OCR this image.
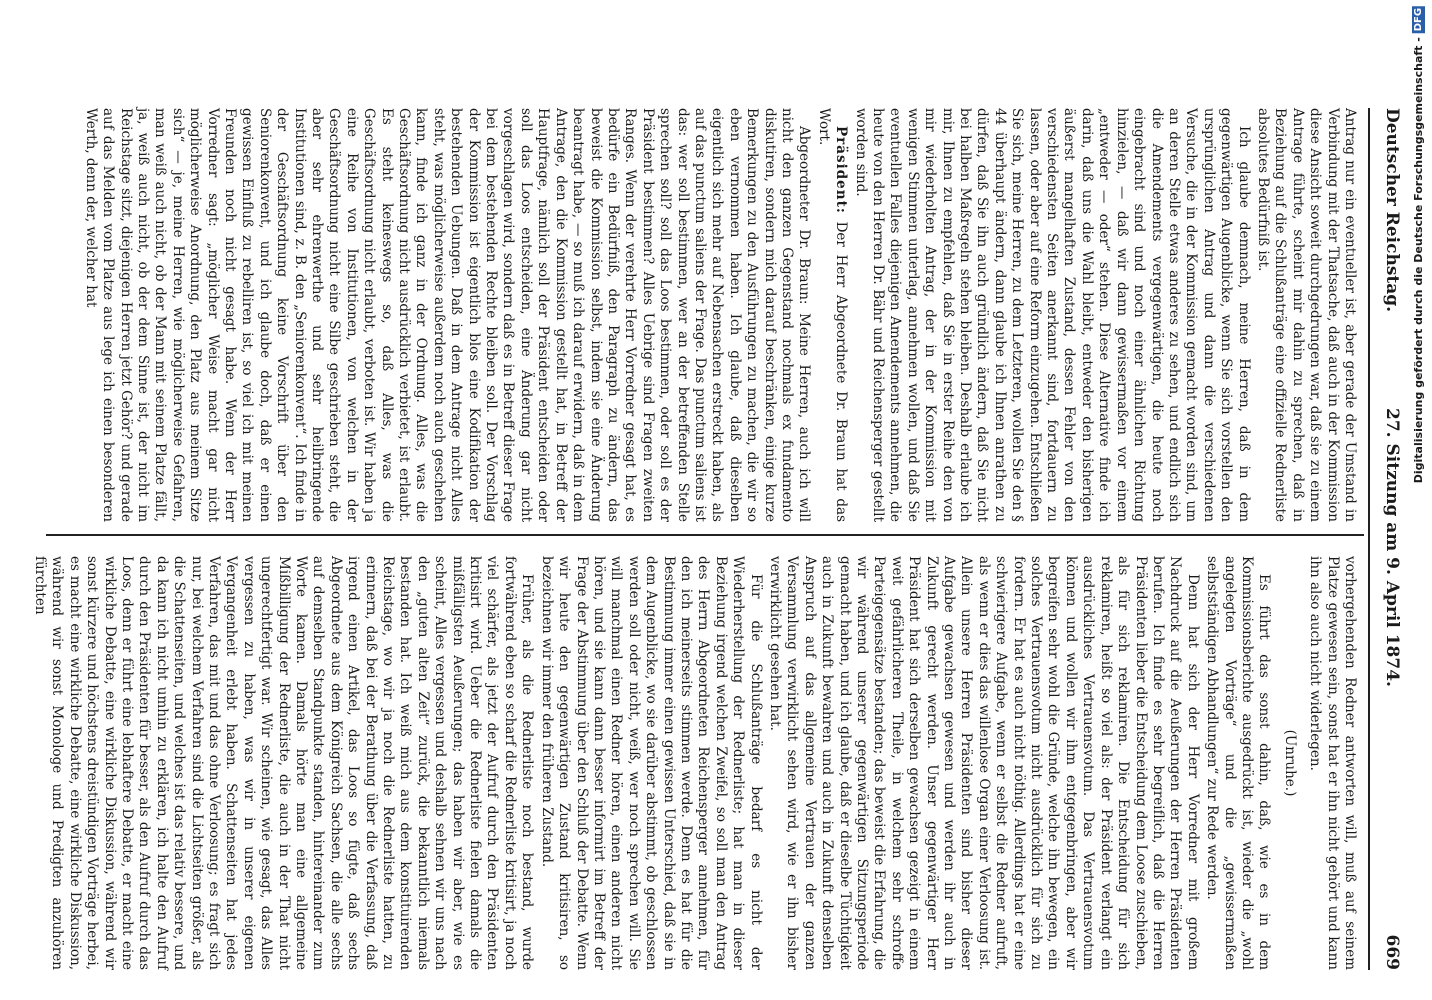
Deutscher Reichstag.
27. Sitzung am 9. April 1874.
669

Antrag nur ein eventueller ist, aber gerade der Umstand in Verbindung mit der Thatsache, daß auch in der Kommission diese Ansicht soweit durchgedrungen war, daß sie zu einem Antrage führte, scheint mir dahin zu sprechen, daß in Beziehung auf die Schlußanträge eine offizielle Rednerliste absolutes Bedürfniß ist.

Ich glaube demnach, meine Herren, daß in dem gegenwärtigen Augenblicke, wenn Sie sich vorstellen den ursprünglichen Antrag und dann die verschiedenen Versuche, die in der Kommission gemacht worden sind, um an deren Stelle etwas anderes zu sehen, und endlich sich die Amendements vergegenwärtigen, die heute noch eingebracht sind und noch einer ähnlichen Richtung hinzielen, — daß wir dann gewissermaßen vor einem „entweder — oder“ stehen. Diese Alternative finde ich darin, daß uns die Wahl bleibt, entweder den bisherigen äußerst mangelhaften Zustand, dessen Fehler von den verschiedensten Seiten anerkannt sind, fortdauern zu lassen, oder aber auf eine Reform einzugehen. Entschließen Sie sich, meine Herren, zu dem Letzteren, wollen Sie den § 44 überhaupt ändern, dann glaube ich Ihnen anrathen zu dürfen, daß Sie ihn auch gründlich ändern, daß Sie nicht bei halben Maßregeln stehen bleiben. Deshalb erlaube ich mir, Ihnen zu empfehlen, daß Sie in erster Reihe den von mir wiederholten Antrag, der in der Kommission mit wenigen Stimmen unterlag, annehmen wollen, und daß Sie eventuellen Falles diejenigen Amendements annehmen, die heute von den Herren Dr. Bähr und Reichensperger gestellt worden sind.

Präsident: Der Herr Abgeordnete Dr. Braun hat das Wort.

Abgeordneter Dr. Braun: Meine Herren, auch ich will nicht den ganzen Gegenstand nochmals ex fundamento diskutiren, sondern mich darauf beschränken, einige kurze Bemerkungen zu den Ausführungen zu machen, die wir so eben vernommen haben. Ich glaube, daß dieselben eigentlich sich mehr auf Nebensachen erstreckt haben, als auf das punctum saliens der Frage. Das punctum saliens ist das: wer soll bestimmen, wer an der betreffenden Stelle sprechen soll? soll das Loos bestimmen, oder soll es der Präsident bestimmen? Alles Uebrige sind Fragen zweiten Ranges. Wenn der verehrte Herr Vorredner gesagt hat, es bedürfe ein Bedürfniß, den Paragraph zu ändern, das beweist die Kommission selbst, indem sie eine Änderung beantragt habe, — so muß ich darauf erwidern, daß in dem Antrage, den die Kommission gestellt hat, in Betreff der Hauptfrage, nämlich soll der Präsident entscheiden oder soll das Loos entscheiden, eine Änderung gar nicht vorgeschlagen wird, sondern daß es in Betreff dieser Frage bei dem bestehenden Rechte bleiben soll. Der Vorschlag der Kommission ist eigentlich blos eine Kodifikation der bestehenden Uebungen. Daß in dem Antrage nicht Alles steht, was möglicherweise außerdem noch auch geschehen kann, finde ich ganz in der Ordnung. Alles, was die Geschäftsordnung nicht ausdrücklich verbietet, ist erlaubt. Es steht keineswegs so, daß Alles, was die Geschäftsordnung nicht erlaubt, verboten ist. Wir haben ja eine Reihe von Institutionen, von welchen in der Geschäftsordnung nicht eine Silbe geschrieben steht, die aber sehr ehrenwerthe und sehr heilbringende Institutionen sind, z. B. den „Seniorenkonvent“. Ich finde in der Geschäftsordnung keine Vorschrift über den Seniorenkonvent, und ich glaube doch, daß er einen gewissen Einfluß zu rebelliren ist, so viel ich mit meinen Freunden noch nicht gesagt habe. Wenn der Herr Vorredner sagt: „möglicher Weise macht gar nicht möglicherweise Anordnung, den Platz aus meinem Sitze sich“ — je, meine Herren, wie möglicherweise Gefahren, man weiß auch nicht, ob der Mann mit seinem Platze fällt, ja, weiß auch nicht, ob der dem Sinne ist, der nicht im Reichstage sitzt, diejenigen Herren jetzt Gehör? und gerade auf das Melden vom Platze aus lege ich einen besonderen Werth, denn der, welcher hat

vorhergehenden Redner antworten will, muß auf seinem Platze gewesen sein, sonst hat er ihn nicht gehört und kann ihn also auch nicht widerlegen.

(Unruhe.)

Es führt das sonst dahin, daß, wie es in dem Kommissionsberichte ausgedrückt ist, wieder die „wohl angelegten Vorträge“ und die „gewissermaßen selbstständigen Abhandlungen“ zur Rede werden.

Denn hat sich der Herr Vorredner mit großem Nachdruck auf die Aeußerungen der Herren Präsidenten berufen. Ich finde es sehr begreiflich, daß die Herren Präsidenten lieber die Entscheidung dem Loose zuschieben, als für sich reklamiren. Die Entscheidung für sich reklamiren, heißt so viel als: der Präsident verlangt ein ausdrückliches Vertrauensvotum. Das Vertrauensvotum können und wollen wir ihm entgegenbringen, aber wir begreifen sehr wohl die Gründe, welche ihn bewegen, ein solches Vertrauensvotum nicht ausdrücklich für sich zu fordern. Er hat es auch nicht nöthig. Allerdings hat er eine schwierigere Aufgabe, wenn er selbst die Redner aufruft, als wenn er dies das willenlose Organ einer Verloosung ist. Allein unsere Herren Präsidenten sind bisher dieser Aufgabe gewachsen gewesen und werden ihr auch in Zukunft gerecht werden. Unser gegenwärtiger Herr Präsident hat sich derselben gewachsen gezeigt in einem weit gefährlicheren Theile, in welchem sehr schroffe Parteigegensätze bestanden; das beweist die Erfahrung, die wir während unserer gegenwärtigen Sitzungsperiode gemacht haben, und ich glaube, daß er dieselbe Tüchtigkeit auch in Zukunft bewahren und auch in Zukunft denselben Anspruch auf das allgemeine Vertrauen der ganzen Versammlung verwirklicht sehen wird, wie er ihn bisher verwirklicht gesehen hat.

Für die Schlußanträge bedarf es nicht der Wiederherstellung der Rednerliste; hat man in dieser Beziehung irgend welchen Zweifel, so soll man den Antrag des Herrn Abgeordneten Reichensperger annehmen, für den ich meinerseits stimmen werde. Denn es hat für die Bestimmung immer einen gewissen Unterschied, daß sie in dem Augenblicke, wo sie darüber abstimmt, ob geschlossen werden soll oder nicht, weiß, wer noch sprechen will. Sie will manchmal einen Redner hören, einen anderen nicht hören, und sie kann dann besser informirt im Betreff der Frage der Abstimmung über den Schluß der Debatte. Wenn wir heute den gegenwärtigen Zustand kritisiren, so bezeichnen wir immer den früheren Zustand.

Früher, als die Rednerliste noch bestand, wurde fortwährend eben so scharf die Rednerliste kritisirt, ja noch viel schärfer, als jetzt der Aufruf durch den Präsidenten kritisirt wird. Ueber die Rednerliste fielen damals die mißfälligsten Aeußerungen; das haben wir aber, wie es scheint, Alles vergessen und deshalb sehnen wir uns nach den „guten alten Zeit“ zurück, die bekanntlich niemals bestanden hat. Ich weiß mich aus dem konstituirenden Reichstage, wo wir ja noch die Rednerliste hatten, zu erinnern, daß bei der Berathung über die Verfassung, daß irgend einen Artikel, das Loos so fügte, daß sechs Abgeordnete aus dem Königreich Sachsen, die alle sechs auf demselben Standpunkte standen, hintereinander zum Worte kamen. Damals hörte man eine allgemeine Mißbilligung der Rednerliste, die auch in der That nicht ungerechtfertigt war. Wir scheinen, wie gesagt, das Alles vergessen zu haben, was wir in unserer eigenen Vergangenheit erlebt haben. Schattenseiten hat jedes Verfahren, das mit und das ohne Verloosung; es fragt sich nur, bei welchem Verfahren sind die Lichtseiten größer, als die Schattenseiten, und welches ist das relativ bessere, und da kann ich nicht umhin zu erklären, ich halte den Aufruf durch den Präsidenten für besser, als den Aufruf durch das Loos, denn er führt eine lebhaftere Debatte, er macht eine wirkliche Debatte, eine wirkliche Diskussion, während wir sonst kürzere und höchstens dreistündigen Vorträge herbei, es macht eine wirkliche Debatte, eine wirkliche Diskussion, während wir sonst Monologe und Predigten anzuhören fürchten

Digitalisierung gefördert durch die Deutsche Forschungsgemeinschaft - DFG
